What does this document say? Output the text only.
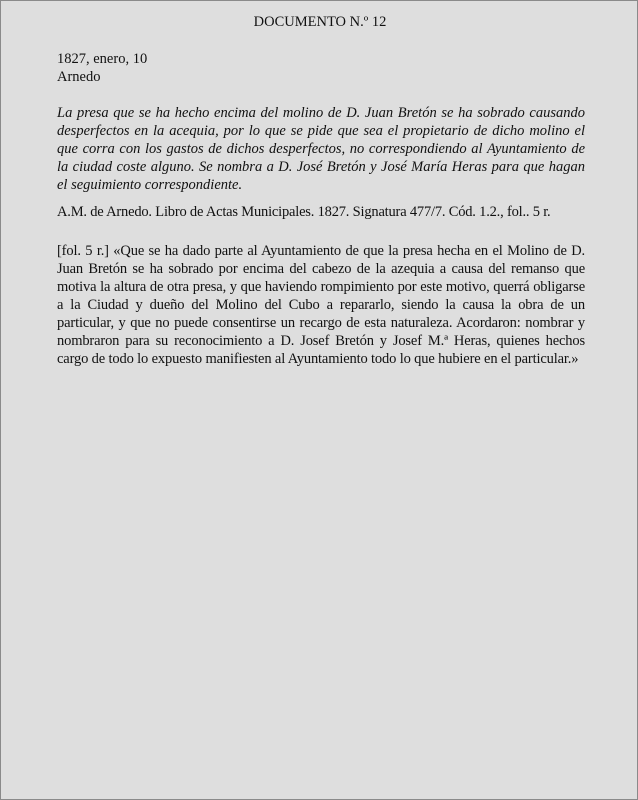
DOCUMENTO N.º 12
1827, enero, 10
Arnedo
La presa que se ha hecho encima del molino de D. Juan Bretón se ha sobrado causando desperfectos en la acequia, por lo que se pide que sea el propietario de dicho molino el que corra con los gastos de dichos desperfectos, no correspondiendo al Ayuntamiento de la ciudad coste alguno. Se nombra a D. José Bretón y José María Heras para que hagan el seguimiento correspondiente.
A.M. de Arnedo. Libro de Actas Municipales. 1827. Signatura 477/7. Cód. 1.2., fol.. 5 r.
[fol. 5 r.] «Que se ha dado parte al Ayuntamiento de que la presa hecha en el Molino de D. Juan Bretón se ha sobrado por encima del cabezo de la azequia a causa del remanso que motiva la altura de otra presa, y que haviendo rompimiento por este motivo, querrá obligarse a la Ciudad y dueño del Molino del Cubo a repararlo, siendo la causa la obra de un particular, y que no puede consentirse un recargo de esta naturaleza. Acordaron: nombrar y nombraron para su reconocimiento a D. Josef Bretón y Josef M.ª Heras, quienes hechos cargo de todo lo expuesto manifiesten al Ayuntamiento todo lo que hubiere en el particular.»
